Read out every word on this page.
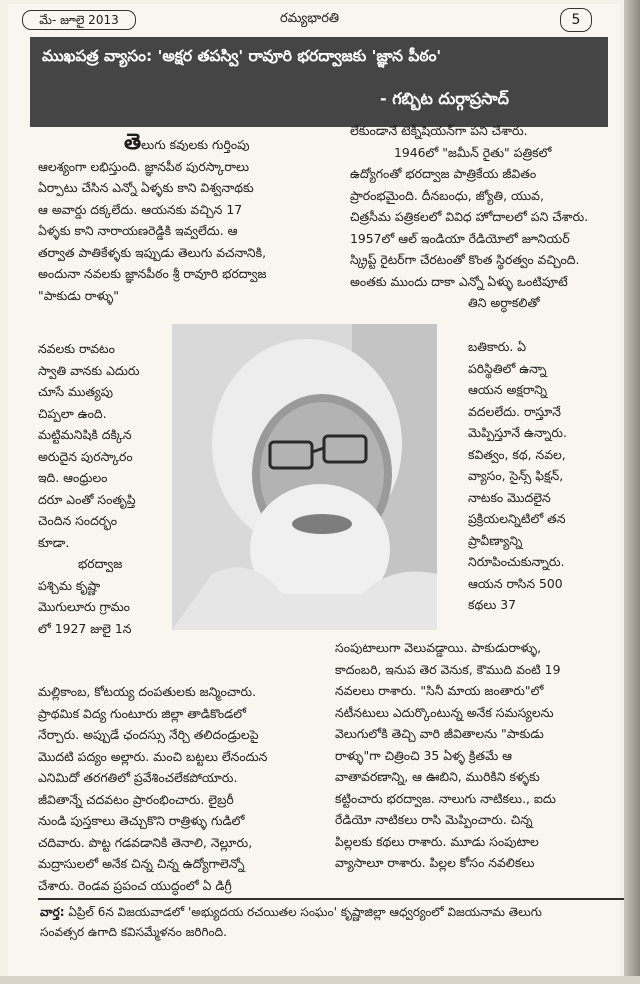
మే- జూలై 2013	రమ్యభారతి	5
ముఖపత్ర వ్యాసం: 'అక్షర తపస్వి' రావూరి భరద్వాజకు 'జ్ఞాన పీఠం'
- గబ్బిట దుర్గాప్రసాద్

తెలుగు కవులకు గుర్తింపు

ఆలశ్యంగా లభిస్తుంది. జ్ఞానపీఠ పురస్కారాలు

ఏర్పాటు చేసిన ఎన్నో ఏళ్ళకు కాని విశ్వనాథకు

ఆ అవార్డు దక్కలేదు. ఆయనకు వచ్చిన 17

ఏళ్ళకు కాని నారాయణరెడ్డికి ఇవ్వలేదు. ఆ

తర్వాత పాతికేళ్ళకు ఇప్పుడు తెలుగు వచనానికి,

అందునా నవలకు జ్ఞానపీఠం శ్రీ రావూరి భరద్వాజ

"పాకుడు రాళ్ళు"

నవలకు రావటం

స్వాతి వానకు ఎదురు

చూసే ముత్యపు

చిప్పలా ఉంది.

మట్టిమనిషికి దక్కిన

అరుదైన పురస్కారం

ఇది. ఆంధ్రులం

దరూ ఎంతో సంతృప్తి

చెందిన సందర్భం

కూడా.

భరద్వాజ

పశ్చిమ కృష్ణా

మొగులూరు గ్రామం

లో 1927 జులై 1న

లేకుండానే టెక్నీషియన్‌గా పని చేశారు.

1946లో "జమీన్ రైతు" పత్రికలో

ఉద్యోగంతో భరద్వాజ పాత్రికేయ జీవితం

ప్రారంభమైంది. దీనబంధు, జ్యోతి, యువ,

చిత్రసీమ పత్రికలలో వివిధ హోదాలలో పని చేశారు.

1957లో ఆల్ ఇండియా రేడియోలో జూనియర్

స్క్రిప్ట్ రైటర్‌గా చేరటంతో కొంత స్థిరత్వం వచ్చింది.

అంతకు ముందు దాకా ఎన్నో ఏళ్ళు ఒంటిపూటే

తిని అర్ధాకలితో

బతికారు. ఏ

పరిస్థితిలో ఉన్నా

ఆయన అక్షరాన్ని

వదలలేదు. రాస్తూనే

మెప్పిస్తూనే ఉన్నారు.

కవిత్వం, కథ, నవల,

వ్యాసం, సైన్స్ ఫిక్షన్,

నాటకం మొదలైన

ప్రక్రియలన్నిటిలో తన

ప్రావీణ్యాన్ని

నిరూపించుకున్నారు.

ఆయన రాసిన 500

కథలు 37

మల్లికాంబ, కోటయ్య దంపతులకు జన్మించారు.

ప్రాథమిక విద్య గుంటూరు జిల్లా తాడికొండలో

నేర్చారు. అప్పుడే ఛందస్సు నేర్చి తలిదండ్రులపై

మొదటి పద్యం అల్లారు. మంచి బట్టలు లేనందున

ఎనిమిదో తరగతిలో ప్రవేశించలేకపోయారు.

జీవితాన్నే చదవటం ప్రారంభించారు. లైబ్రరీ

నుండి పుస్తకాలు తెచ్చుకొని రాత్రిళ్ళు గుడిలో

చదివారు. పొట్ట గడవడానికి తెనాలి, నెల్లూరు,

మద్రాసులలో అనేక చిన్న చిన్న ఉద్యోగాలెన్నో

చేశారు. రెండవ ప్రపంచ యుద్ధంలో ఏ డిగ్రీ

సంపుటాలుగా వెలువడ్డాయి. పాకుడురాళ్ళు,

కాదంబరి, ఇనుప తెర వెనుక, కౌముది వంటి 19

నవలలు రాశారు. "సినీ మాయ జంతారు"లో

నటీనటులు ఎదుర్కొంటున్న అనేక సమస్యలను

వెలుగులోకి తెచ్చి వారి జీవితాలను "పాకుడు

రాళ్ళు"గా చిత్రించి 35 ఏళ్ళ క్రితమే ఆ

వాతావరణాన్ని, ఆ ఊబిని, మురికిని కళ్ళకు

కట్టించారు భరద్వాజ. నాలుగు నాటికలు., ఐదు

రేడియో నాటికలు రాసి మెప్పించారు. చిన్న

పిల్లలకు కథలు రాశారు. మూడు సంపుటాల

వ్యాసాలూ రాశారు. పిల్లల కోసం నవలికలు

వార్త: ఏప్రిల్ 6న విజయవాడలో 'అభ్యుదయ రచయితల సంఘం' కృష్ణాజిల్లా ఆధ్వర్యంలో విజయనామ తెలుగు

సంవత్సర ఉగాది కవిసమ్మేళనం జరిగింది.
